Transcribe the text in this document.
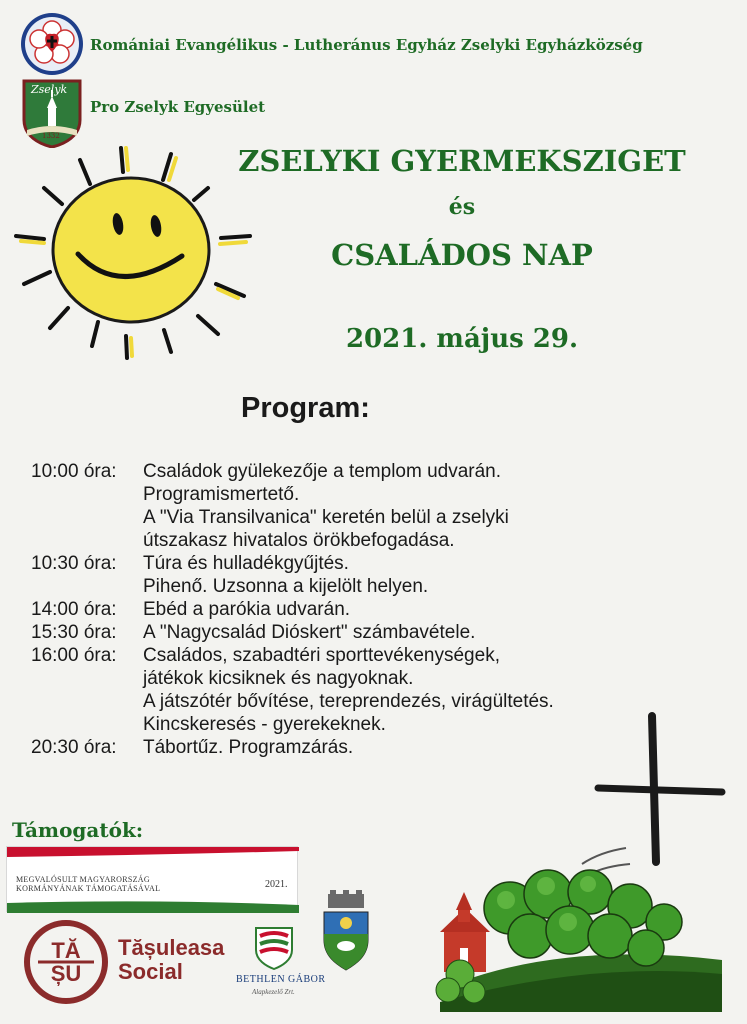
Romániai Evangélikus - Lutheránus Egyház Zselyki Egyházközség
Zselyk
1332
Pro Zselyk Egyesület
ZSELYKI GYERMEKSZIGET
és
CSALÁDOS NAP
2021. május 29.
Program:
10:00 óra:	Családok gyülekezője a templom udvarán.
Programismertető.
A "Via Transilvanica" keretén belül a zselyki
útszakasz hivatalos örökbefogadása.
10:30 óra:	Túra és hulladékgyűjtés.
Pihenő. Uzsonna a kijelölt helyen.
14:00 óra:	Ebéd a parókia udvarán.
15:30 óra:	A "Nagycsalád Dióskert" számbavétele.
16:00 óra:	Családos, szabadtéri sporttevékenységek,
játékok kicsiknek és nagyoknak.
A játszótér bővítése, tereprendezés, virágültetés.
Kincskeresés - gyerekeknek.
20:30 óra:	Tábortűz. Programzárás.
Támogatók:
MEGVALÓSULT MAGYARORSZÁG
KORMÁNYÁNAK TÁMOGATÁSÁVAL	2021.
TĂ ȘU
Tășuleasa
Social	BETHLEN GÁBOR
Alapkezelő Zrt.
